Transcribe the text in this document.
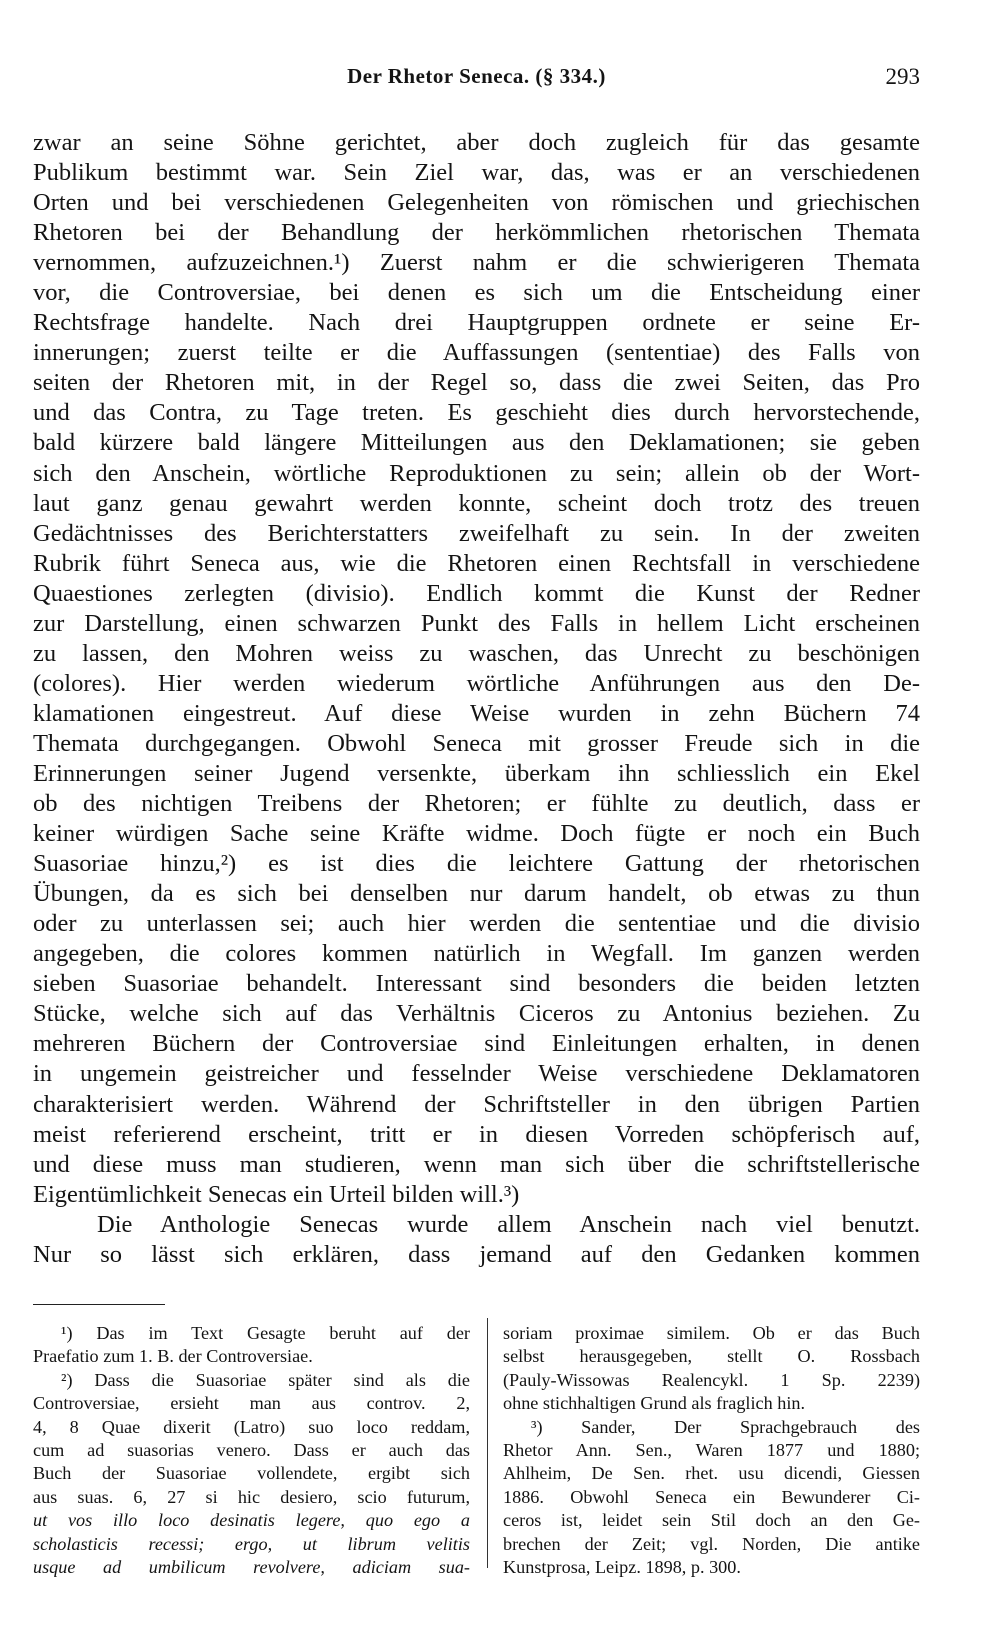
Der Rhetor Seneca. (§ 334.)	293
zwar an seine Söhne gerichtet, aber doch zugleich für das gesamte
Publikum bestimmt war. Sein Ziel war, das, was er an verschiedenen
Orten und bei verschiedenen Gelegenheiten von römischen und griechischen
Rhetoren bei der Behandlung der herkömmlichen rhetorischen Themata
vernommen, aufzuzeichnen.¹) Zuerst nahm er die schwierigeren Themata
vor, die Controversiae, bei denen es sich um die Entscheidung einer
Rechtsfrage handelte. Nach drei Hauptgruppen ordnete er seine Er-
innerungen; zuerst teilte er die Auffassungen (sententiae) des Falls von
seiten der Rhetoren mit, in der Regel so, dass die zwei Seiten, das Pro
und das Contra, zu Tage treten. Es geschieht dies durch hervorstechende,
bald kürzere bald längere Mitteilungen aus den Deklamationen; sie geben
sich den Anschein, wörtliche Reproduktionen zu sein; allein ob der Wort-
laut ganz genau gewahrt werden konnte, scheint doch trotz des treuen
Gedächtnisses des Berichterstatters zweifelhaft zu sein. In der zweiten
Rubrik führt Seneca aus, wie die Rhetoren einen Rechtsfall in verschiedene
Quaestiones zerlegten (divisio). Endlich kommt die Kunst der Redner
zur Darstellung, einen schwarzen Punkt des Falls in hellem Licht erscheinen
zu lassen, den Mohren weiss zu waschen, das Unrecht zu beschönigen
(colores). Hier werden wiederum wörtliche Anführungen aus den De-
klamationen eingestreut. Auf diese Weise wurden in zehn Büchern 74
Themata durchgegangen. Obwohl Seneca mit grosser Freude sich in die
Erinnerungen seiner Jugend versenkte, überkam ihn schliesslich ein Ekel
ob des nichtigen Treibens der Rhetoren; er fühlte zu deutlich, dass er
keiner würdigen Sache seine Kräfte widme. Doch fügte er noch ein Buch
Suasoriae hinzu,²) es ist dies die leichtere Gattung der rhetorischen
Übungen, da es sich bei denselben nur darum handelt, ob etwas zu thun
oder zu unterlassen sei; auch hier werden die sententiae und die divisio
angegeben, die colores kommen natürlich in Wegfall. Im ganzen werden
sieben Suasoriae behandelt. Interessant sind besonders die beiden letzten
Stücke, welche sich auf das Verhältnis Ciceros zu Antonius beziehen. Zu
mehreren Büchern der Controversiae sind Einleitungen erhalten, in denen
in ungemein geistreicher und fesselnder Weise verschiedene Deklamatoren
charakterisiert werden. Während der Schriftsteller in den übrigen Partien
meist referierend erscheint, tritt er in diesen Vorreden schöpferisch auf,
und diese muss man studieren, wenn man sich über die schriftstellerische
Eigentümlichkeit Senecas ein Urteil bilden will.³)
Die Anthologie Senecas wurde allem Anschein nach viel benutzt.
Nur so lässt sich erklären, dass jemand auf den Gedanken kommen
¹) Das im Text Gesagte beruht auf der
Praefatio zum 1. B. der Controversiae.
²) Dass die Suasoriae später sind als die
Controversiae, ersieht man aus controv. 2,
4, 8 Quae dixerit (Latro) suo loco reddam,
cum ad suasorias venero. Dass er auch das
Buch der Suasoriae vollendete, ergibt sich
aus suas. 6, 27 si hic desiero, scio futurum,
ut vos illo loco desinatis legere, quo ego a
scholasticis recessi; ergo, ut librum velitis
usque ad umbilicum revolvere, adiciam sua-
soriam proximae similem. Ob er das Buch
selbst herausgegeben, stellt O. Rossbach
(Pauly-Wissowas Realencykl. 1 Sp. 2239)
ohne stichhaltigen Grund als fraglich hin.
³) Sander, Der Sprachgebrauch des
Rhetor Ann. Sen., Waren 1877 und 1880;
Ahlheim, De Sen. rhet. usu dicendi, Giessen
1886. Obwohl Seneca ein Bewunderer Ci-
ceros ist, leidet sein Stil doch an den Ge-
brechen der Zeit; vgl. Norden, Die antike
Kunstprosa, Leipz. 1898, p. 300.
